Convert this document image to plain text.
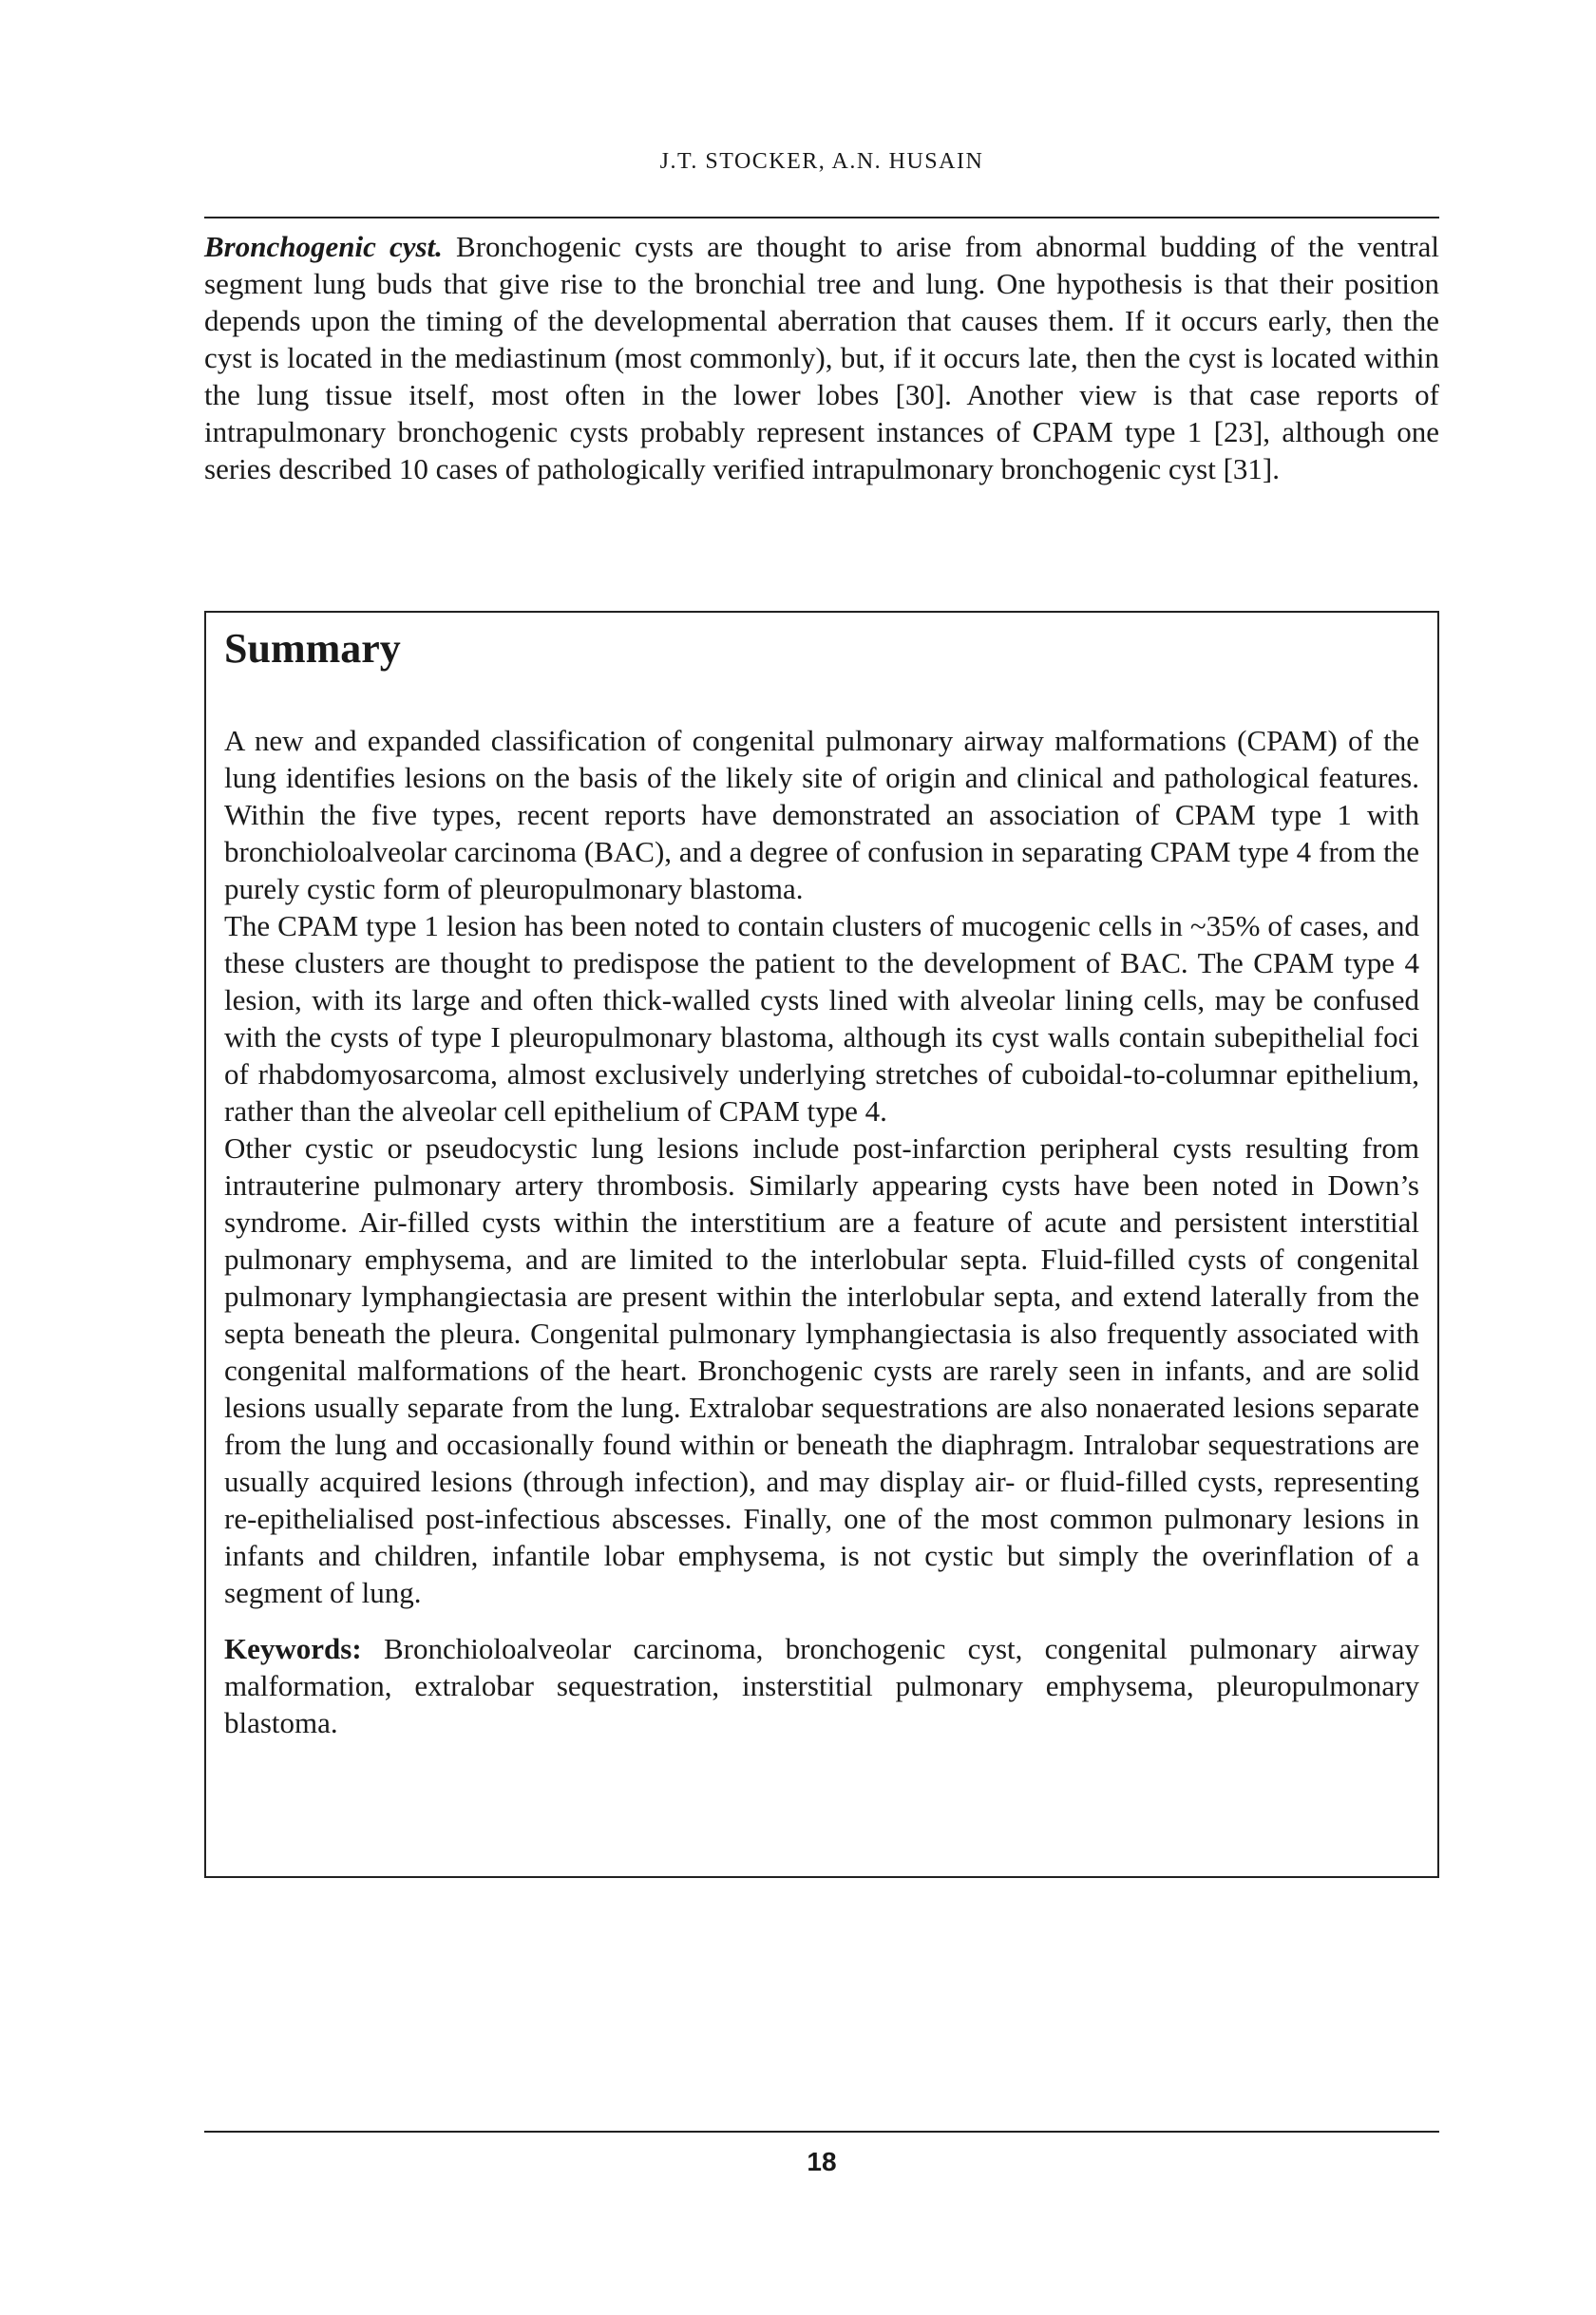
J.T. STOCKER, A.N. HUSAIN

Bronchogenic cyst. Bronchogenic cysts are thought to arise from abnormal budding of the ventral segment lung buds that give rise to the bronchial tree and lung. One hypothesis is that their position depends upon the timing of the developmental aberration that causes them. If it occurs early, then the cyst is located in the mediastinum (most commonly), but, if it occurs late, then the cyst is located within the lung tissue itself, most often in the lower lobes [30]. Another view is that case reports of intrapulmonary bronchogenic cysts probably represent instances of CPAM type 1 [23], although one series described 10 cases of pathologically verified intrapulmonary bronchogenic cyst [31].

Summary

A new and expanded classification of congenital pulmonary airway malformations (CPAM) of the lung identifies lesions on the basis of the likely site of origin and clinical and pathological features. Within the five types, recent reports have demonstrated an association of CPAM type 1 with bronchioloalveolar carcinoma (BAC), and a degree of confusion in separating CPAM type 4 from the purely cystic form of pleuropulmonary blastoma.

The CPAM type 1 lesion has been noted to contain clusters of mucogenic cells in ~35% of cases, and these clusters are thought to predispose the patient to the development of BAC. The CPAM type 4 lesion, with its large and often thick-walled cysts lined with alveolar lining cells, may be confused with the cysts of type I pleuropulmonary blastoma, although its cyst walls contain subepithelial foci of rhabdomyosarcoma, almost exclusively underlying stretches of cuboidal-to-columnar epithelium, rather than the alveolar cell epithelium of CPAM type 4.

Other cystic or pseudocystic lung lesions include post-infarction peripheral cysts resulting from intrauterine pulmonary artery thrombosis. Similarly appearing cysts have been noted in Down’s syndrome. Air-filled cysts within the interstitium are a feature of acute and persistent interstitial pulmonary emphysema, and are limited to the interlobular septa. Fluid-filled cysts of congenital pulmonary lymphangiectasia are present within the interlobular septa, and extend laterally from the septa beneath the pleura. Congenital pulmonary lymphangiectasia is also frequently associated with congenital malformations of the heart. Bronchogenic cysts are rarely seen in infants, and are solid lesions usually separate from the lung. Extralobar sequestrations are also nonaerated lesions separate from the lung and occasionally found within or beneath the diaphragm. Intralobar sequestrations are usually acquired lesions (through infection), and may display air- or fluid-filled cysts, representing re-epithelialised post-infectious abscesses. Finally, one of the most common pulmonary lesions in infants and children, infantile lobar emphysema, is not cystic but simply the overinflation of a segment of lung.

Keywords: Bronchioloalveolar carcinoma, bronchogenic cyst, congenital pulmonary airway malformation, extralobar sequestration, insterstitial pulmonary emphysema, pleuropulmonary blastoma.

18
